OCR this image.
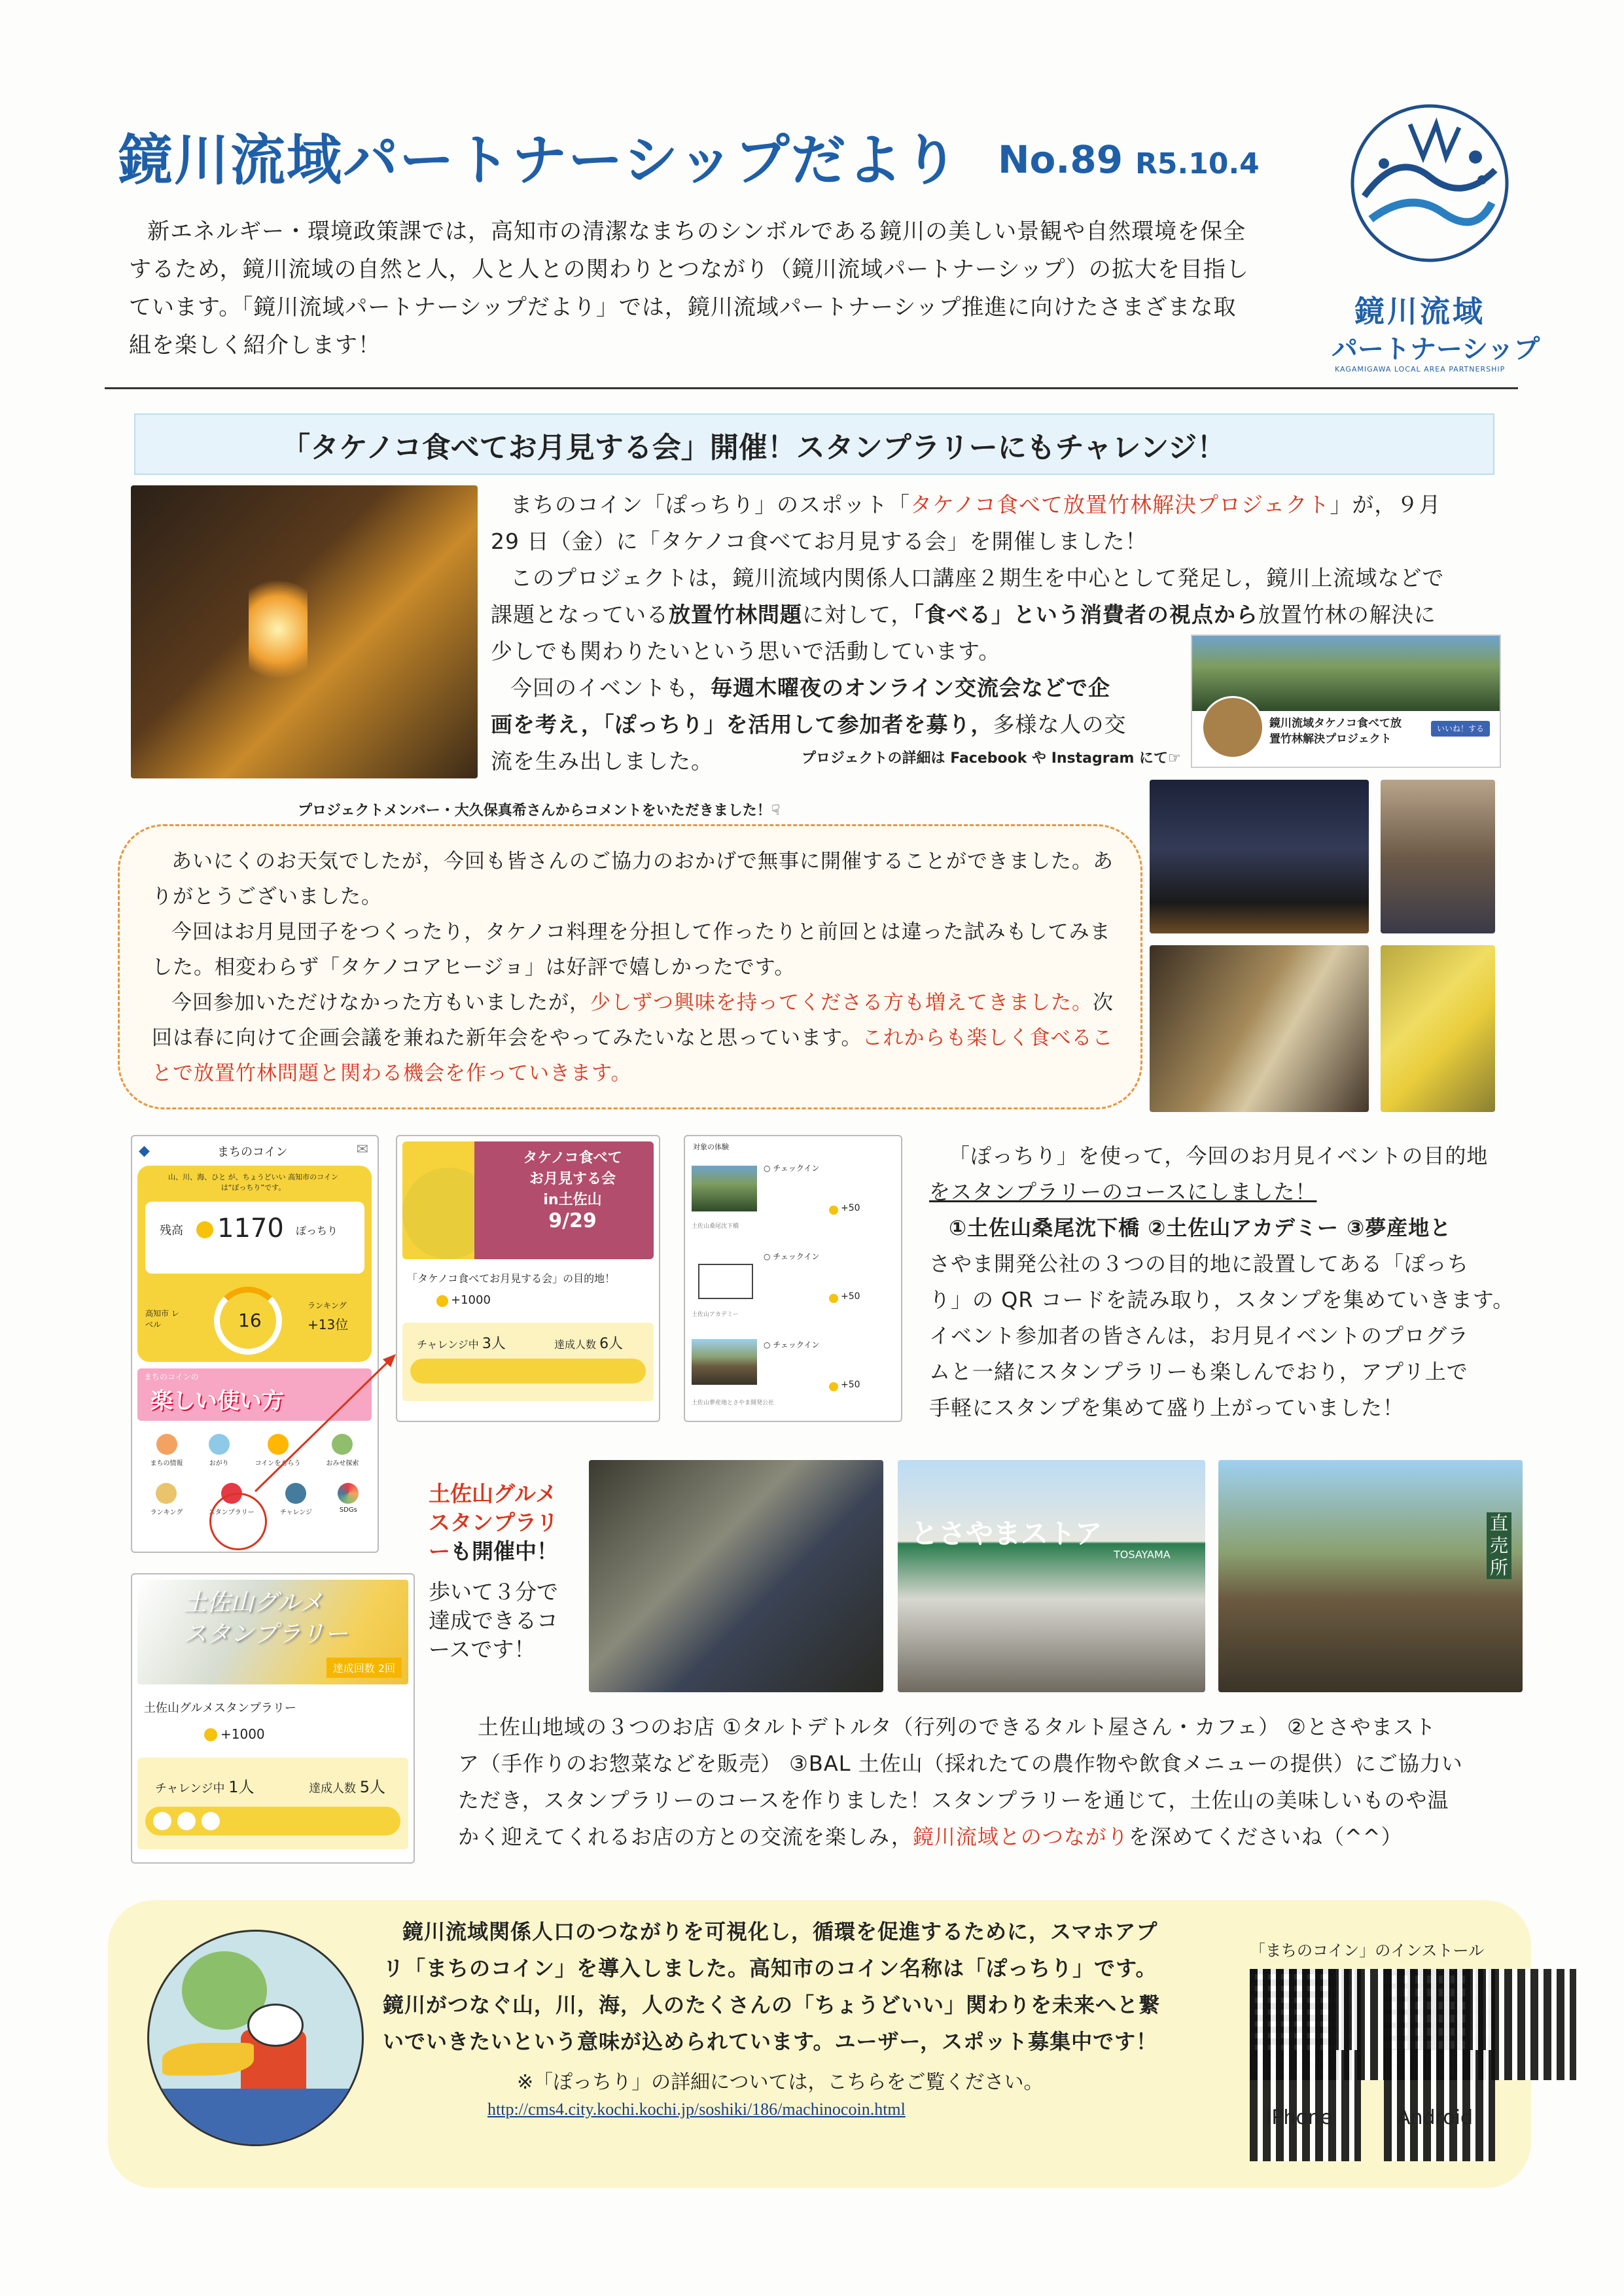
鏡川流域パートナーシップだより No.89 R5.10.4
鏡川流域
パートナーシップ
KAGAMIGAWA LOCAL AREA PARTNERSHIP
新エネルギー・環境政策課では，高知市の清潔なまちのシンボルである鏡川の美しい景観や自然環境を保全
するため，鏡川流域の自然と人，人と人との関わりとつながり（鏡川流域パートナーシップ）の拡大を目指し
ています。「鏡川流域パートナーシップだより」では，鏡川流域パートナーシップ推進に向けたさまざまな取
組を楽しく紹介します！
「タケノコ食べてお月見する会」開催！スタンプラリーにもチャレンジ！
まちのコイン「ぽっちり」のスポット「タケノコ食べて放置竹林解決プロジェクト」が，９月
29 日（金）に「タケノコ食べてお月見する会」を開催しました！
このプロジェクトは，鏡川流域内関係人口講座２期生を中心として発足し，鏡川上流域などで
課題となっている放置竹林問題に対して，「食べる」という消費者の視点から放置竹林の解決に
少しでも関わりたいという思いで活動しています。
今回のイベントも，毎週木曜夜のオンライン交流会などで企
画を考え，「ぽっちり」を活用して参加者を募り，多様な人の交
流を生み出しました。
鏡川流域タケノコ食べて放
置竹林解決プロジェクト
いいね！する
プロジェクトの詳細は Facebook や Instagram にて☞
プロジェクトメンバー・大久保真希さんからコメントをいただきました！☟
あいにくのお天気でしたが，今回も皆さんのご協力のおかげで無事に開催することができました。あ
りがとうございました。
今回はお月見団子をつくったり，タケノコ料理を分担して作ったりと前回とは違った試みもしてみま
した。相変わらず「タケノコアヒージョ」は好評で嬉しかったです。
今回参加いただけなかった方もいましたが，少しずつ興味を持ってくださる方も増えてきました。次
回は春に向けて企画会議を兼ねた新年会をやってみたいなと思っています。これからも楽しく食べるこ
とで放置竹林問題と関わる機会を作っていきます。
◆	まちのコイン	✉
山、川、海、ひと が、ちょうどいい 高知市のコインは“ぽっちり”です。
残高 1170 ぽっちり
高知市 レベル	16
ランキング
+13位
まちのコインの
楽しい使い方
まちの情報	おがり	コインをもらう	おみせ探索
ランキング	スタンプラリー	チャレンジ	SDGs
タケノコ食べて
お月見する会
in土佐山
9/29
「タケノコ食べてお月見する会」の目的地！
+1000
チャレンジ中 3人	達成人数 6人
対象の体験
○ チェックイン
+50
土佐山桑尾沈下橋
○ チェックイン
+50
土佐山アカデミー
○ チェックイン
+50
土佐山夢産地とさやま開発公社
「ぽっちり」を使って，今回のお月見イベントの目的地
をスタンプラリーのコースにしました！
①土佐山桑尾沈下橋 ②土佐山アカデミー ③夢産地と
さやま開発公社の３つの目的地に設置してある「ぽっち
り」の QR コードを読み取り，スタンプを集めていきます。
イベント参加者の皆さんは，お月見イベントのプログラ
ムと一緒にスタンプラリーも楽しんでおり，アプリ上で
手軽にスタンプを集めて盛り上がっていました！
土佐山グルメ
スタンプラリ
ーも開催中！
歩いて３分で
達成できるコ
ースです！
とさやまストア
TOSAYAMA
直売所
土佐山グルメ
スタンプラリー
達成回数 2回
土佐山グルメスタンプラリー
+1000
チャレンジ中 1人	達成人数 5人

土佐山地域の３つのお店 ①タルトデトルタ（行列のできるタルト屋さん・カフェ） ②とさやまスト
ア（手作りのお惣菜などを販売） ③BAL 土佐山（採れたての農作物や飲食メニューの提供）にご協力い
ただき，スタンプラリーのコースを作りました！スタンプラリーを通じて，土佐山の美味しいものや温
かく迎えてくれるお店の方との交流を楽しみ，鏡川流域とのつながりを深めてくださいね（^^）
鏡川流域関係人口のつながりを可視化し，循環を促進するために，スマホアプ
リ「まちのコイン」を導入しました。高知市のコイン名称は「ぽっちり」です。
鏡川がつなぐ山，川，海，人のたくさんの「ちょうどいい」関わりを未来へと繋
いでいきたいという意味が込められています。ユーザー，スポット募集中です！
※「ぽっちり」の詳細については，こちらをご覧ください。
http://cms4.city.kochi.kochi.jp/soshiki/186/machinocoin.html
「まちのコイン」のインストール
iPhone	Android
